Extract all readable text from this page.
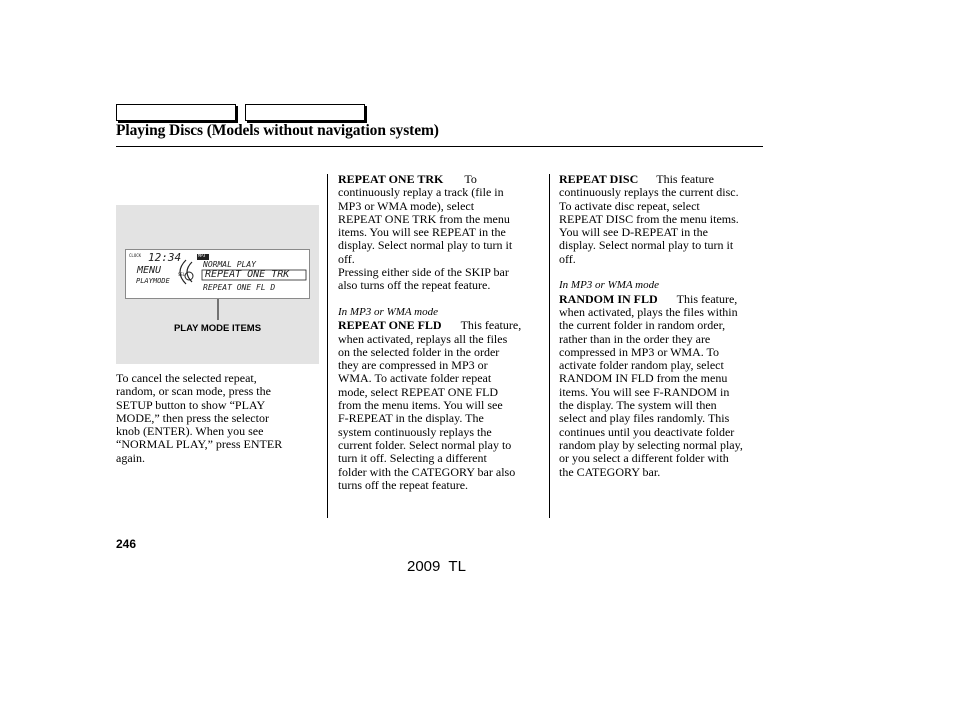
Playing Discs (Models without navigation system)
CLOCK 12:34	MP3
NORMAL PLAY
REPEAT ONE TRK
REPEAT ONE FL D
MENU
PLAYMODE
SEL
PLAY MODE ITEMS

To cancel the selected repeat,

random, or scan mode, press the

SETUP button to show “PLAY

MODE,” then press the selector

knob (ENTER). When you see

“NORMAL PLAY,” press ENTER

again.

REPEAT ONE TRK To

continuously replay a track (file in

MP3 or WMA mode), select

REPEAT ONE TRK from the menu

items. You will see REPEAT in the

display. Select normal play to turn it

off.

Pressing either side of the SKIP bar

also turns off the repeat feature.

In MP3 or WMA mode

REPEAT ONE FLD This feature,

when activated, replays all the files

on the selected folder in the order

they are compressed in MP3 or

WMA. To activate folder repeat

mode, select REPEAT ONE FLD

from the menu items. You will see

F-REPEAT in the display. The

system continuously replays the

current folder. Select normal play to

turn it off. Selecting a different

folder with the CATEGORY bar also

turns off the repeat feature.

REPEAT DISC This feature

continuously replays the current disc.

To activate disc repeat, select

REPEAT DISC from the menu items.

You will see D-REPEAT in the

display. Select normal play to turn it

off.

In MP3 or WMA mode

RANDOM IN FLD This feature,

when activated, plays the files within

the current folder in random order,

rather than in the order they are

compressed in MP3 or WMA. To

activate folder random play, select

RANDOM IN FLD from the menu

items. You will see F-RANDOM in

the display. The system will then

select and play files randomly. This

continues until you deactivate folder

random play by selecting normal play,

or you select a different folder with

the CATEGORY bar.

246
2009  TL
